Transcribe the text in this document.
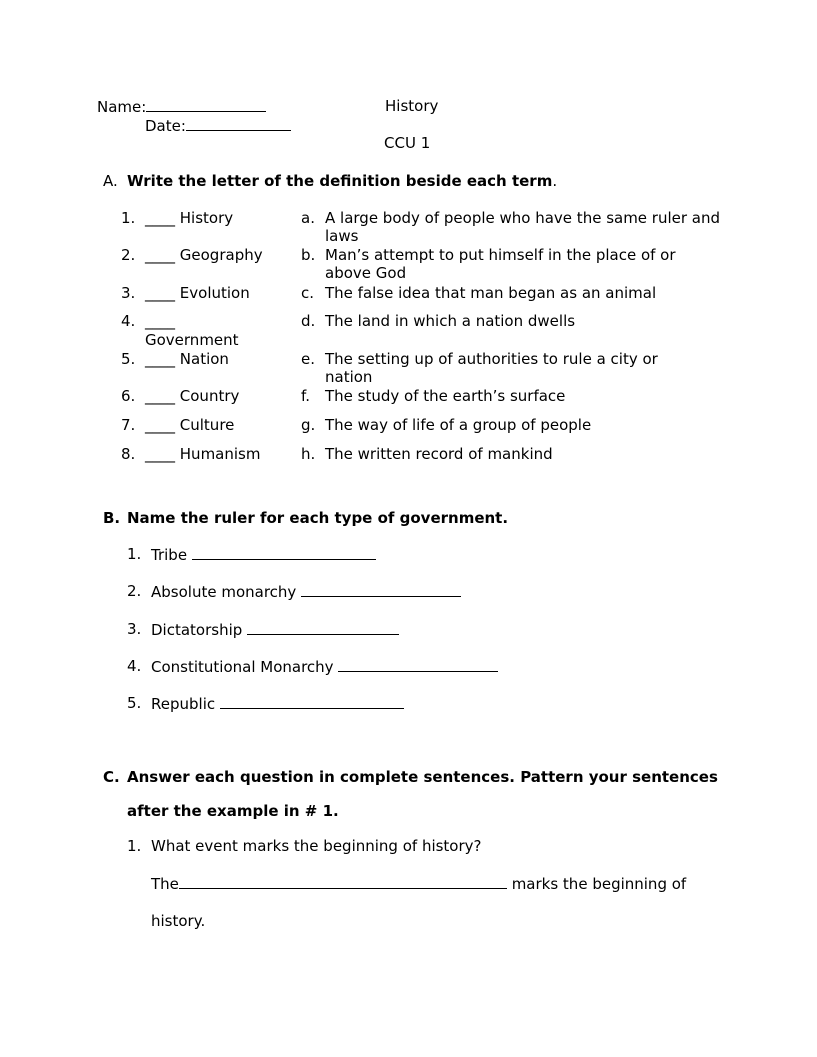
Name:	History
Date:
CCU 1
A. Write the letter of the definition beside each term.
1. ____ History
2. ____ Geography
3. ____ Evolution
4. ____
Government
5. ____ Nation
6. ____ Country
7. ____ Culture
8. ____ Humanism
a. A large body of people who have the same ruler and laws
b. Man’s attempt to put himself in the place of or above God
c. The false idea that man began as an animal
d. The land in which a nation dwells
e. The setting up of authorities to rule a city or nation
f. The study of the earth’s surface
g. The way of life of a group of people
h. The written record of mankind
B. Name the ruler for each type of government.
1. Tribe
2. Absolute monarchy
3. Dictatorship
4. Constitutional Monarchy
5. Republic
C. Answer each question in complete sentences. Pattern your sentences
after the example in # 1.
1. What event marks the beginning of history?
The	marks the beginning of
history.
